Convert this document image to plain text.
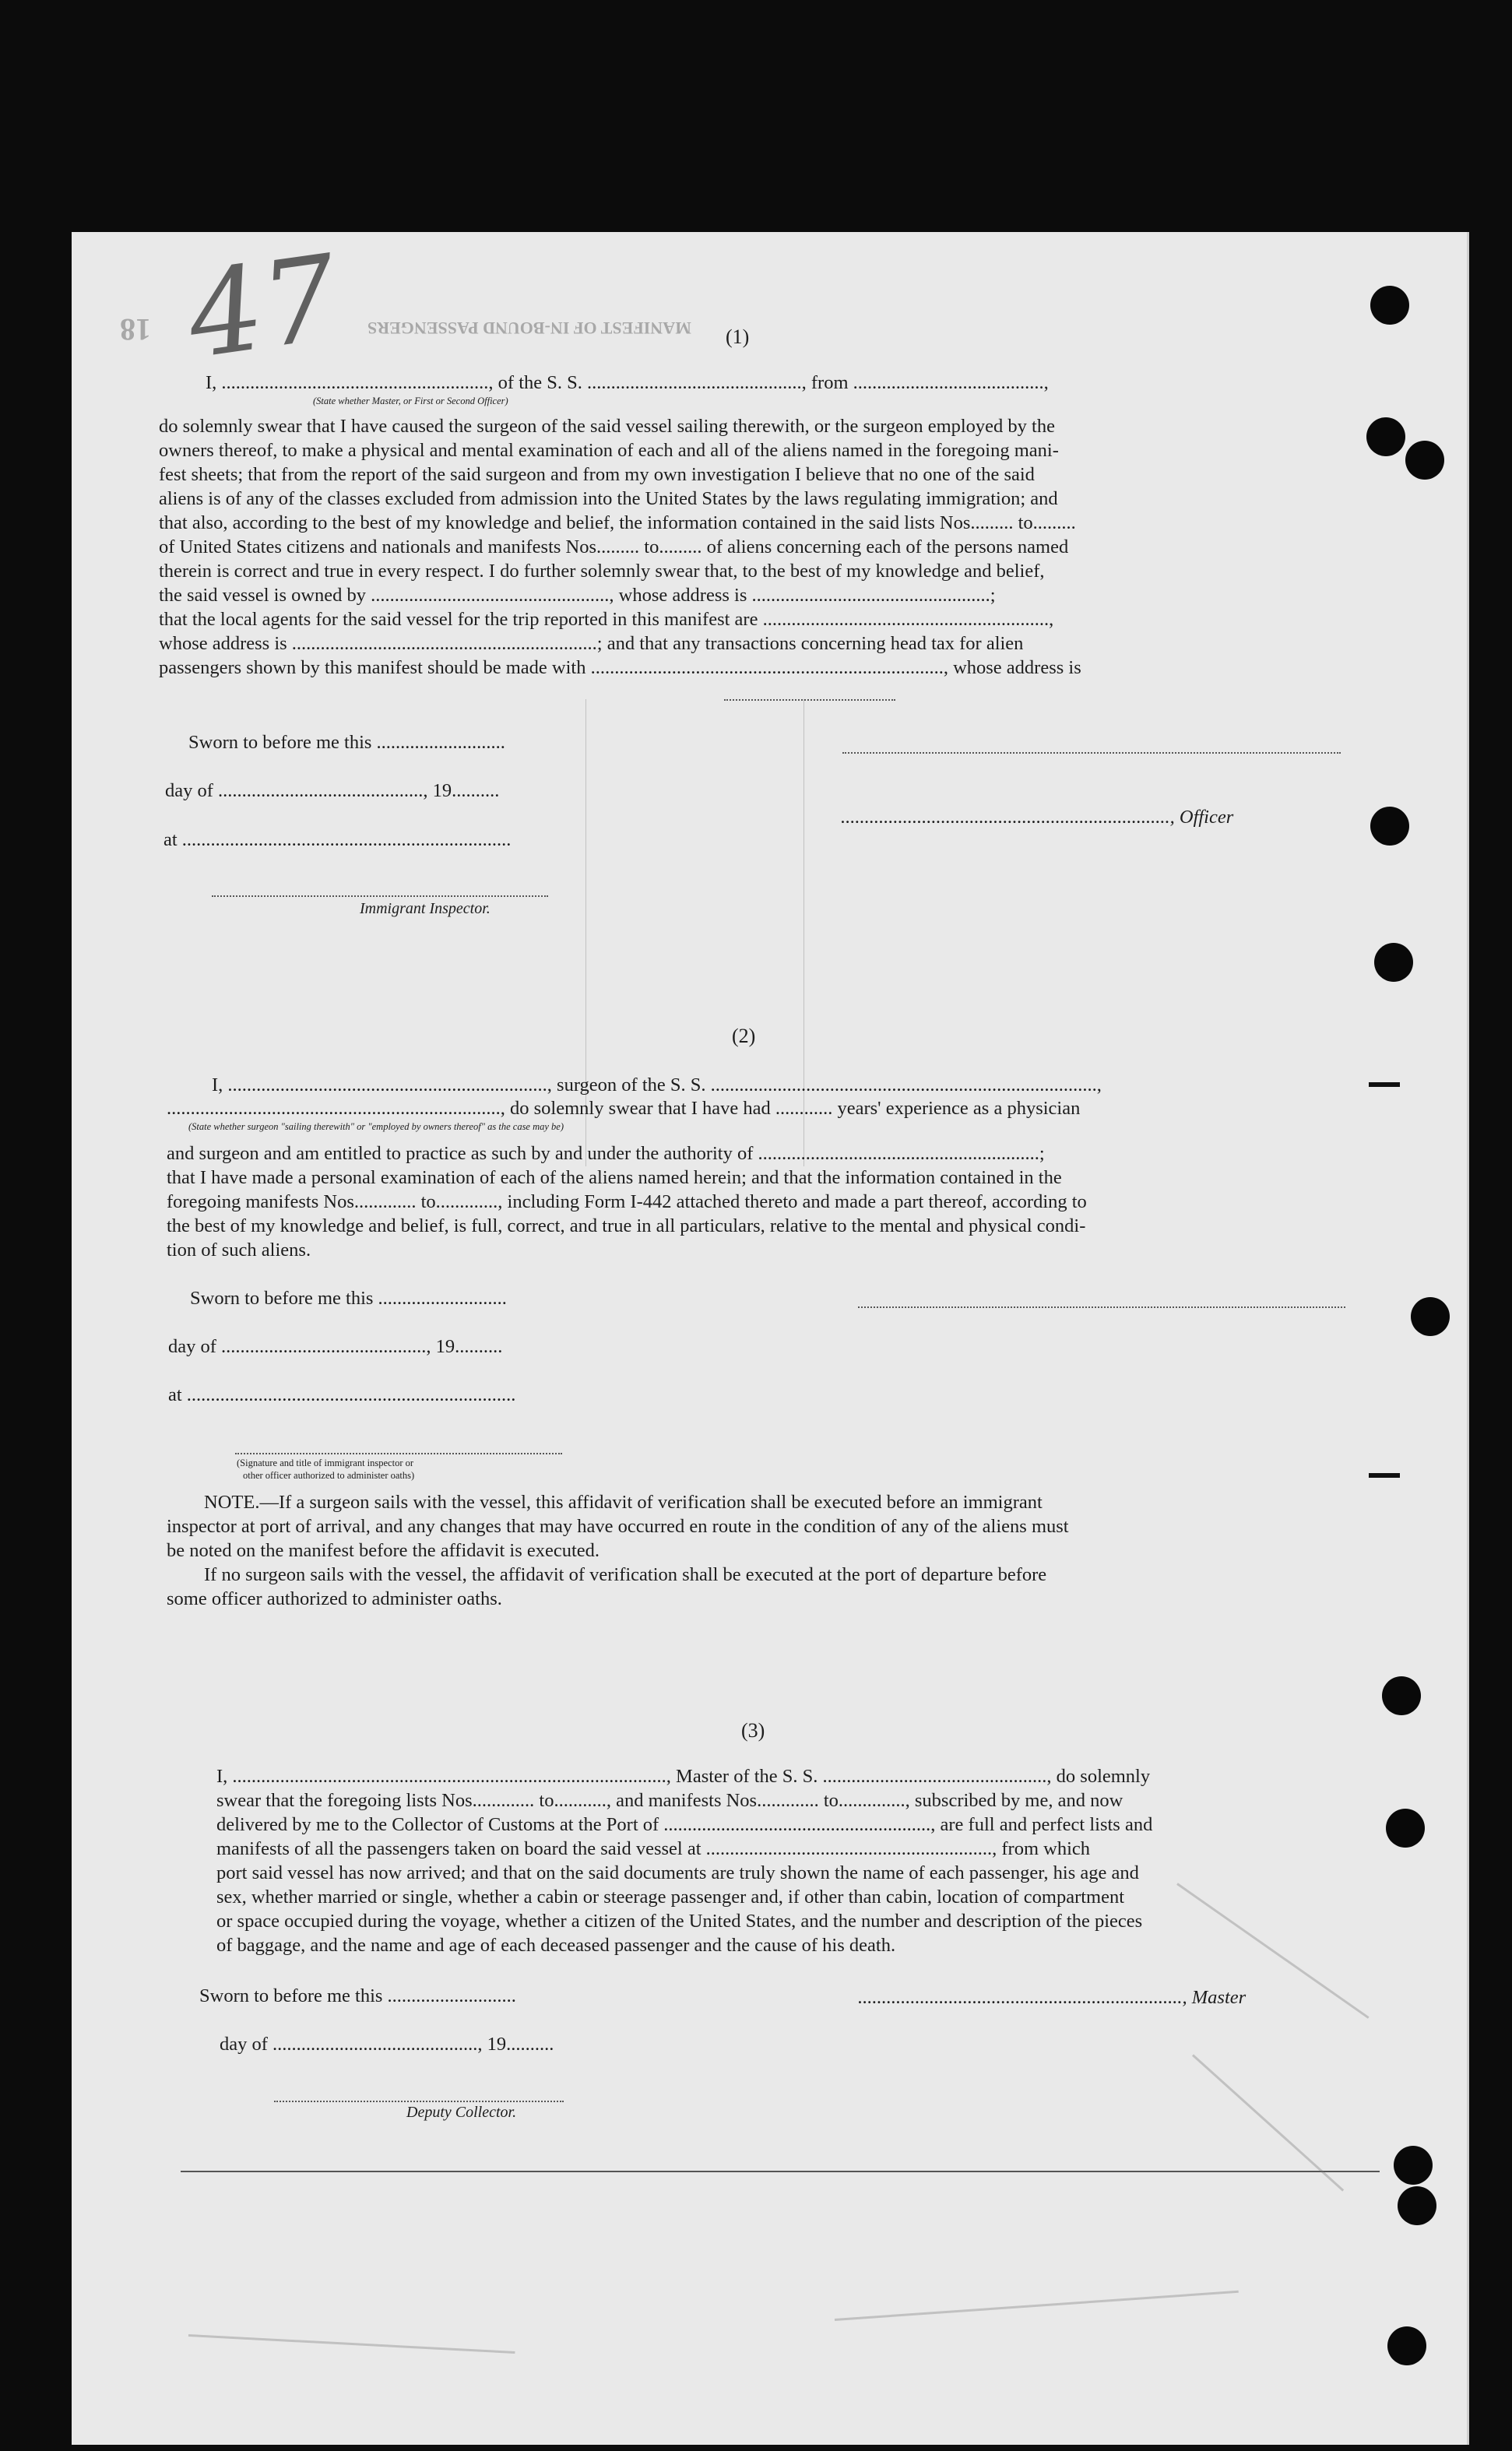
MANIFEST OF IN-BOUND PASSENGERS
18 47	(1)
I, ........................................................, of the S. S. ............................................., from ........................................,
(State whether Master, or First or Second Officer)
do solemnly swear that I have caused the surgeon of the said vessel sailing therewith, or the surgeon employed by the
owners thereof, to make a physical and mental examination of each and all of the aliens named in the foregoing mani-
fest sheets; that from the report of the said surgeon and from my own investigation I believe that no one of the said
aliens is of any of the classes excluded from admission into the United States by the laws regulating immigration; and
that also, according to the best of my knowledge and belief, the information contained in the said lists Nos......... to.........
of United States citizens and nationals and manifests Nos......... to......... of aliens concerning each of the persons named
therein is correct and true in every respect. I do further solemnly swear that, to the best of my knowledge and belief,
the said vessel is owned by .................................................., whose address is ..................................................;
that the local agents for the said vessel for the trip reported in this manifest are ............................................................,
whose address is ................................................................; and that any transactions concerning head tax for alien
passengers shown by this manifest should be made with .........................................................................., whose address is
Sworn to before me this ...........................
day of ..........................................., 19..........
at .....................................................................
....................................................................., Officer
Immigrant Inspector.
(2)
I, ..................................................................., surgeon of the S. S. .................................................................................,
......................................................................, do solemnly swear that I have had ............ years' experience as a physician
(State whether surgeon "sailing therewith" or "employed by owners thereof" as the case may be)
and surgeon and am entitled to practice as such by and under the authority of ...........................................................;
that I have made a personal examination of each of the aliens named herein; and that the information contained in the
foregoing manifests Nos............. to............., including Form I-442 attached thereto and made a part thereof, according to
the best of my knowledge and belief, is full, correct, and true in all particulars, relative to the mental and physical condi-
tion of such aliens.
Sworn to before me this ...........................
day of ..........................................., 19..........
at .....................................................................
(Signature and title of immigrant inspector or
other officer authorized to administer oaths)
NOTE.—If a surgeon sails with the vessel, this affidavit of verification shall be executed before an immigrant
inspector at port of arrival, and any changes that may have occurred en route in the condition of any of the aliens must
be noted on the manifest before the affidavit is executed.
If no surgeon sails with the vessel, the affidavit of verification shall be executed at the port of departure before
some officer authorized to administer oaths.
(3)
I, ..........................................................................................., Master of the S. S. ..............................................., do solemnly
swear that the foregoing lists Nos............. to..........., and manifests Nos............. to.............., subscribed by me, and now
delivered by me to the Collector of Customs at the Port of ........................................................, are full and perfect lists and
manifests of all the passengers taken on board the said vessel at ............................................................, from which
port said vessel has now arrived; and that on the said documents are truly shown the name of each passenger, his age and
sex, whether married or single, whether a cabin or steerage passenger and, if other than cabin, location of compartment
or space occupied during the voyage, whether a citizen of the United States, and the number and description of the pieces
of baggage, and the name and age of each deceased passenger and the cause of his death.
Sworn to before me this ...........................	...................................................................., Master
day of ..........................................., 19..........
Deputy Collector.
